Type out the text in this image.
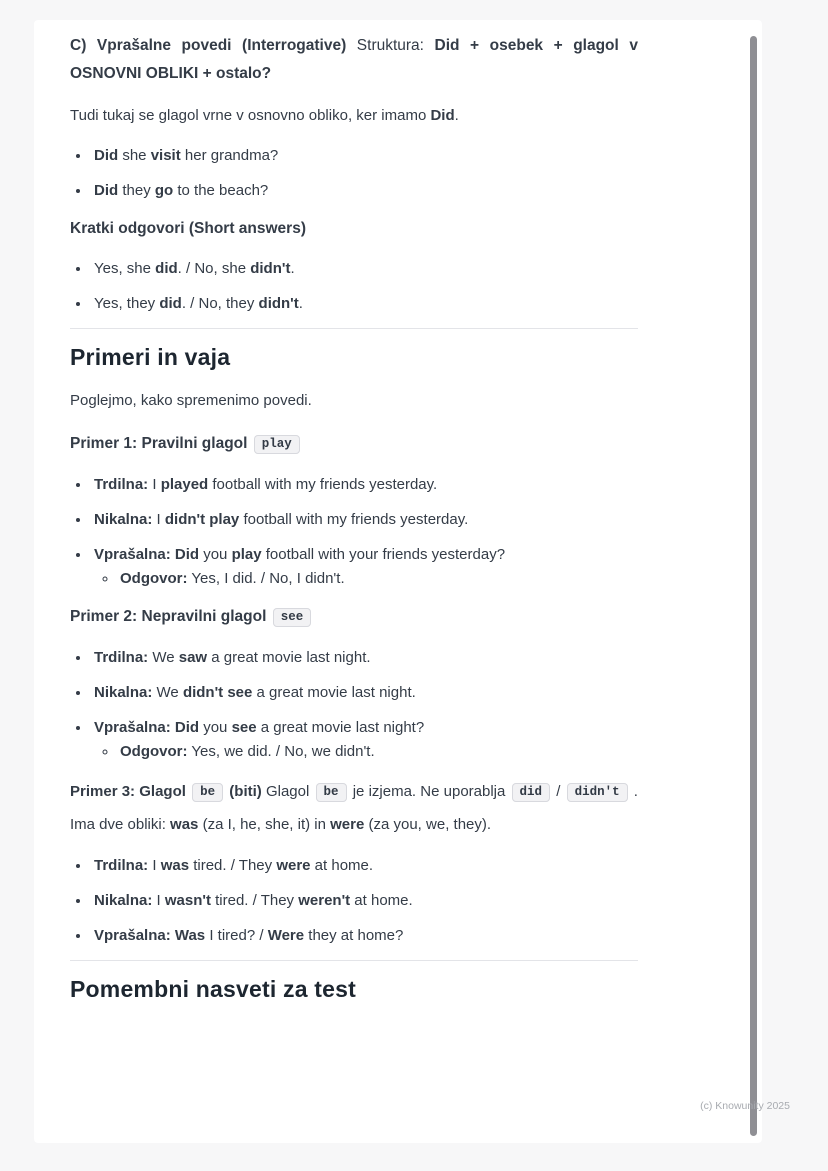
C) Vprašalne povedi (Interrogative) Struktura: Did + osebek + glagol v OSNOVNI OBLIKI + ostalo?

Tudi tukaj se glagol vrne v osnovno obliko, ker imamo Did.

• Did she visit her grandma?
• Did they go to the beach?

Kratki odgovori (Short answers)

• Yes, she did. / No, she didn't.
• Yes, they did. / No, they didn't.
Primeri in vaja

Poglejmo, kako spremenimo povedi.

Primer 1: Pravilni glagol play

• Trdilna: I played football with my friends yesterday.
• Nikalna: I didn't play football with my friends yesterday.
• Vprašalna: Did you play football with your friends yesterday?
◦ Odgovor: Yes, I did. / No, I didn't.

Primer 2: Nepravilni glagol see

• Trdilna: We saw a great movie last night.
• Nikalna: We didn't see a great movie last night.
• Vprašalna: Did you see a great movie last night?
◦ Odgovor: Yes, we did. / No, we didn't.

Primer 3: Glagol be (biti) Glagol be je izjema. Ne uporablja did / didn't . Ima dve obliki: was (za I, he, she, it) in were (za you, we, they).

• Trdilna: I was tired. / They were at home.
• Nikalna: I wasn't tired. / They weren't at home.
• Vprašalna: Was I tired? / Were they at home?
Pomembni nasveti za test
(c) Knowunity 2025
